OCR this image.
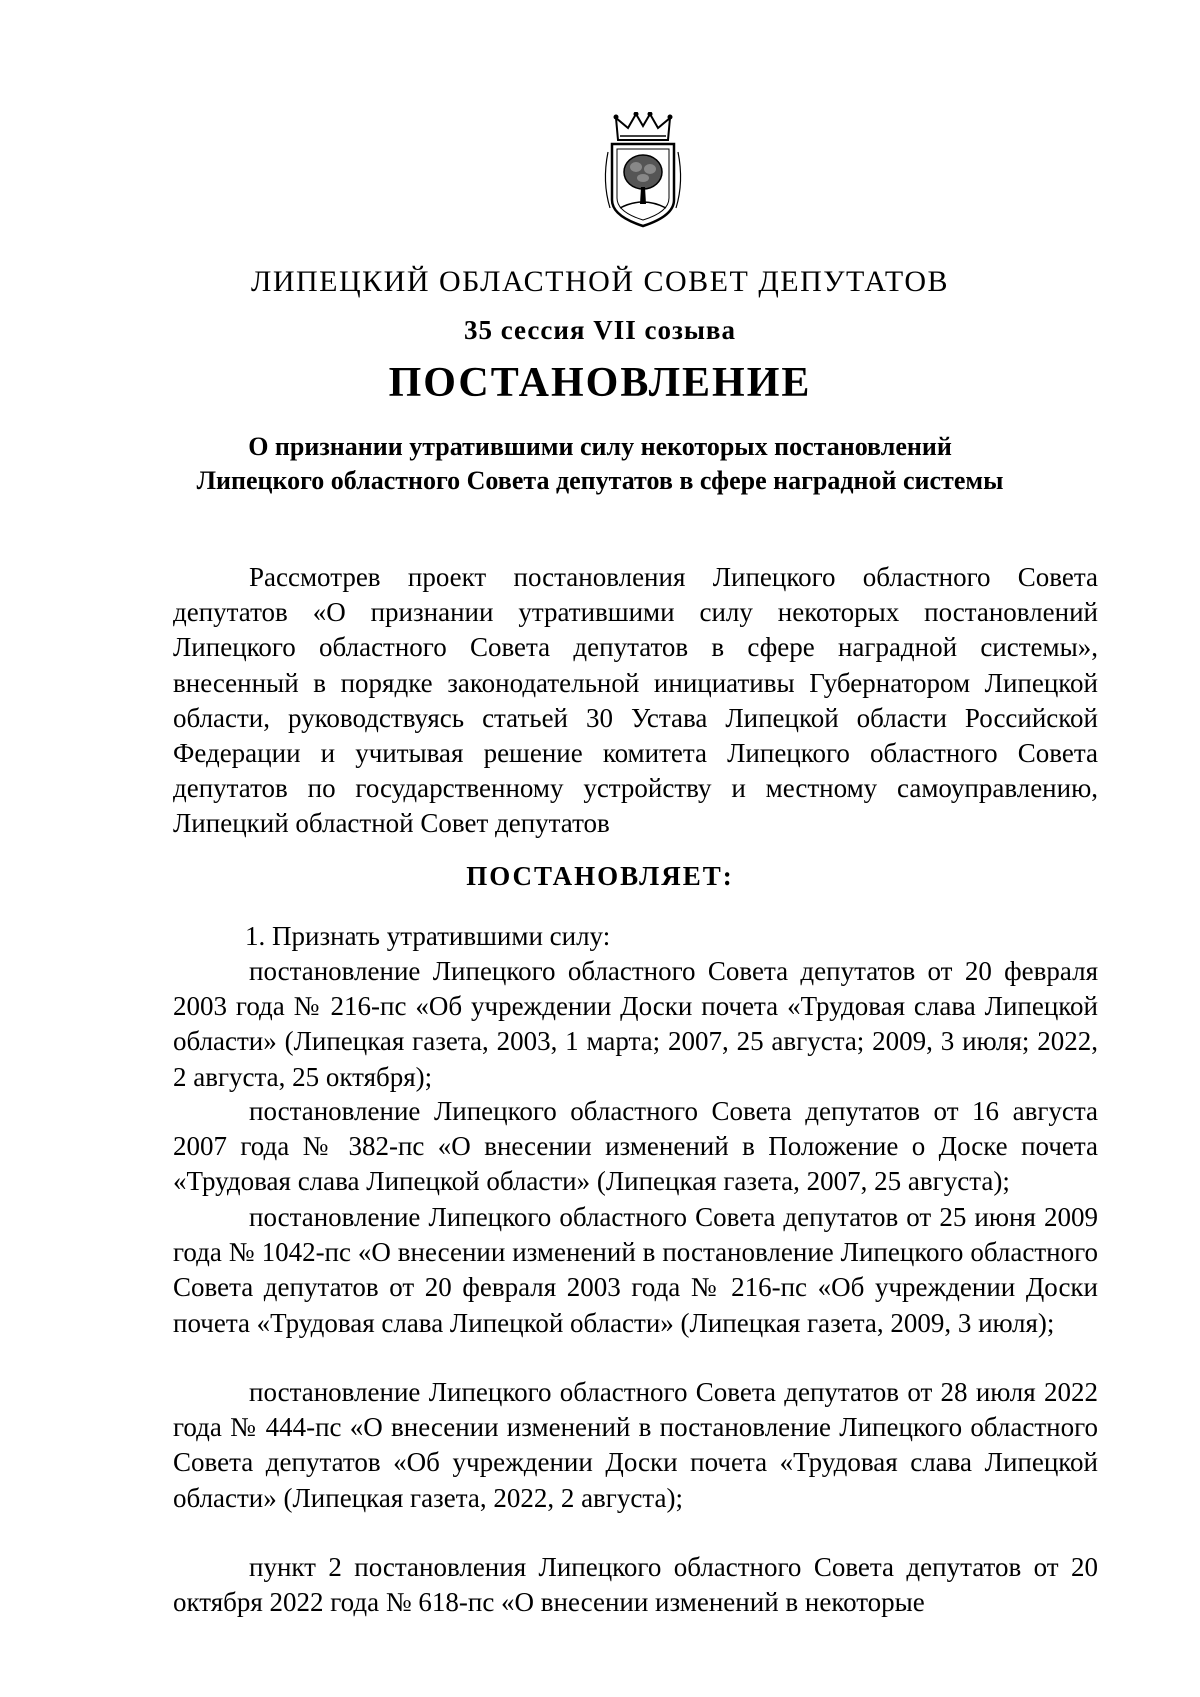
ЛИПЕЦКИЙ ОБЛАСТНОЙ СОВЕТ ДЕПУТАТОВ
35 сессия VII созыва
ПОСТАНОВЛЕНИЕ
О признании утратившими силу некоторых постановлений
Липецкого областного Совета депутатов в сфере наградной системы
Рассмотрев проект постановления Липецкого областного Совета депутатов «О признании утратившими силу некоторых постановлений Липецкого областного Совета депутатов в сфере наградной системы», внесенный в порядке законодательной инициативы Губернатором Липецкой области, руководствуясь статьей 30 Устава Липецкой области Российской Федерации и учитывая решение комитета Липецкого областного Совета депутатов по государственному устройству и местному самоуправлению, Липецкий областной Совет депутатов
ПОСТАНОВЛЯЕТ:
1. Признать утратившими силу:
постановление Липецкого областного Совета депутатов от 20 февраля 2003 года № 216-пс «Об учреждении Доски почета «Трудовая слава Липецкой области» (Липецкая газета, 2003, 1 марта; 2007, 25 августа; 2009, 3 июля; 2022, 2 августа, 25 октября);
постановление Липецкого областного Совета депутатов от 16 августа 2007 года № 382-пс «О внесении изменений в Положение о Доске почета «Трудовая слава Липецкой области» (Липецкая газета, 2007, 25 августа);
постановление Липецкого областного Совета депутатов от 25 июня 2009 года № 1042-пс «О внесении изменений в постановление Липецкого областного Совета депутатов от 20 февраля 2003 года № 216-пс «Об учреждении Доски почета «Трудовая слава Липецкой области» (Липецкая газета, 2009, 3 июля);
постановление Липецкого областного Совета депутатов от 28 июля 2022 года № 444-пс «О внесении изменений в постановление Липецкого областного Совета депутатов «Об учреждении Доски почета «Трудовая слава Липецкой области» (Липецкая газета, 2022, 2 августа);
пункт 2 постановления Липецкого областного Совета депутатов от 20 октября 2022 года № 618-пс «О внесении изменений в некоторые
